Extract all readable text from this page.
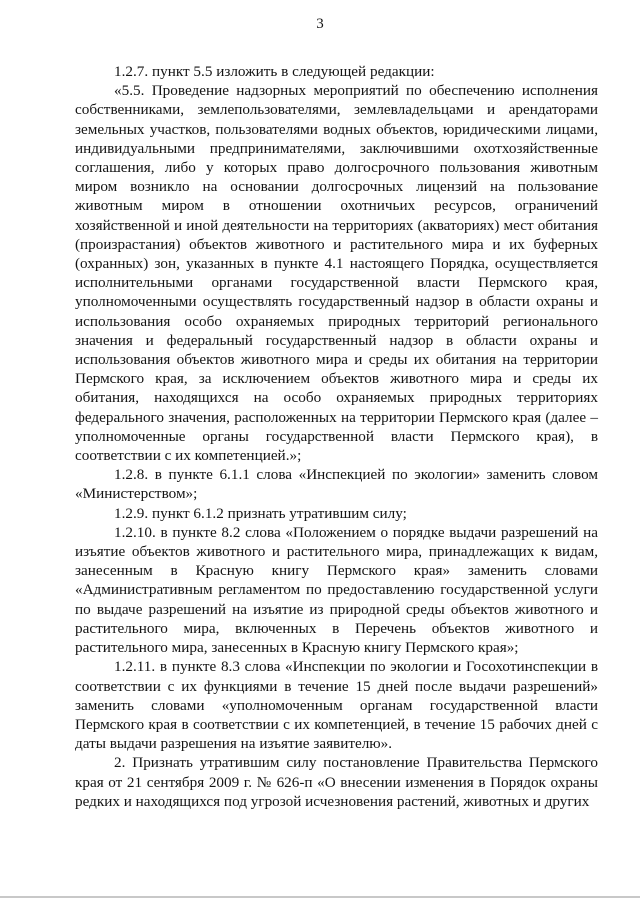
3

1.2.7. пункт 5.5 изложить в следующей редакции:

«5.5. Проведение надзорных мероприятий по обеспечению исполнения собственниками, землепользователями, землевладельцами и арендаторами земельных участков, пользователями водных объектов, юридическими лицами, индивидуальными предпринимателями, заключившими охотхозяйственные соглашения, либо у которых право долгосрочного пользования животным миром возникло на основании долгосрочных лицензий на пользование животным миром в отношении охотничьих ресурсов, ограничений хозяйственной и иной деятельности на территориях (акваториях) мест обитания (произрастания) объектов животного и растительного мира и их буферных (охранных) зон, указанных в пункте 4.1 настоящего Порядка, осуществляется исполнительными органами государственной власти Пермского края, уполномоченными осуществлять государственный надзор в области охраны и использования особо охраняемых природных территорий регионального значения и федеральный государственный надзор в области охраны и использования объектов животного мира и среды их обитания на территории Пермского края, за исключением объектов животного мира и среды их обитания, находящихся на особо охраняемых природных территориях федерального значения, расположенных на территории Пермского края (далее – уполномоченные органы государственной власти Пермского края), в соответствии с их компетенцией.»;

1.2.8. в пункте 6.1.1 слова «Инспекцией по экологии» заменить словом «Министерством»;

1.2.9. пункт 6.1.2 признать утратившим силу;

1.2.10. в пункте 8.2 слова «Положением о порядке выдачи разрешений на изъятие объектов животного и растительного мира, принадлежащих к видам, занесенным в Красную книгу Пермского края» заменить словами «Административным регламентом по предоставлению государственной услуги по выдаче разрешений на изъятие из природной среды объектов животного и растительного мира, включенных в Перечень объектов животного и растительного мира, занесенных в Красную книгу Пермского края»;

1.2.11. в пункте 8.3 слова «Инспекции по экологии и Госохотинспекции в соответствии с их функциями в течение 15 дней после выдачи разрешений» заменить словами «уполномоченным органам государственной власти Пермского края в соответствии с их компетенцией, в течение 15 рабочих дней с даты выдачи разрешения на изъятие заявителю».

2. Признать утратившим силу постановление Правительства Пермского края от 21 сентября 2009 г. № 626-п «О внесении изменения в Порядок охраны редких и находящихся под угрозой исчезновения растений, животных и других
